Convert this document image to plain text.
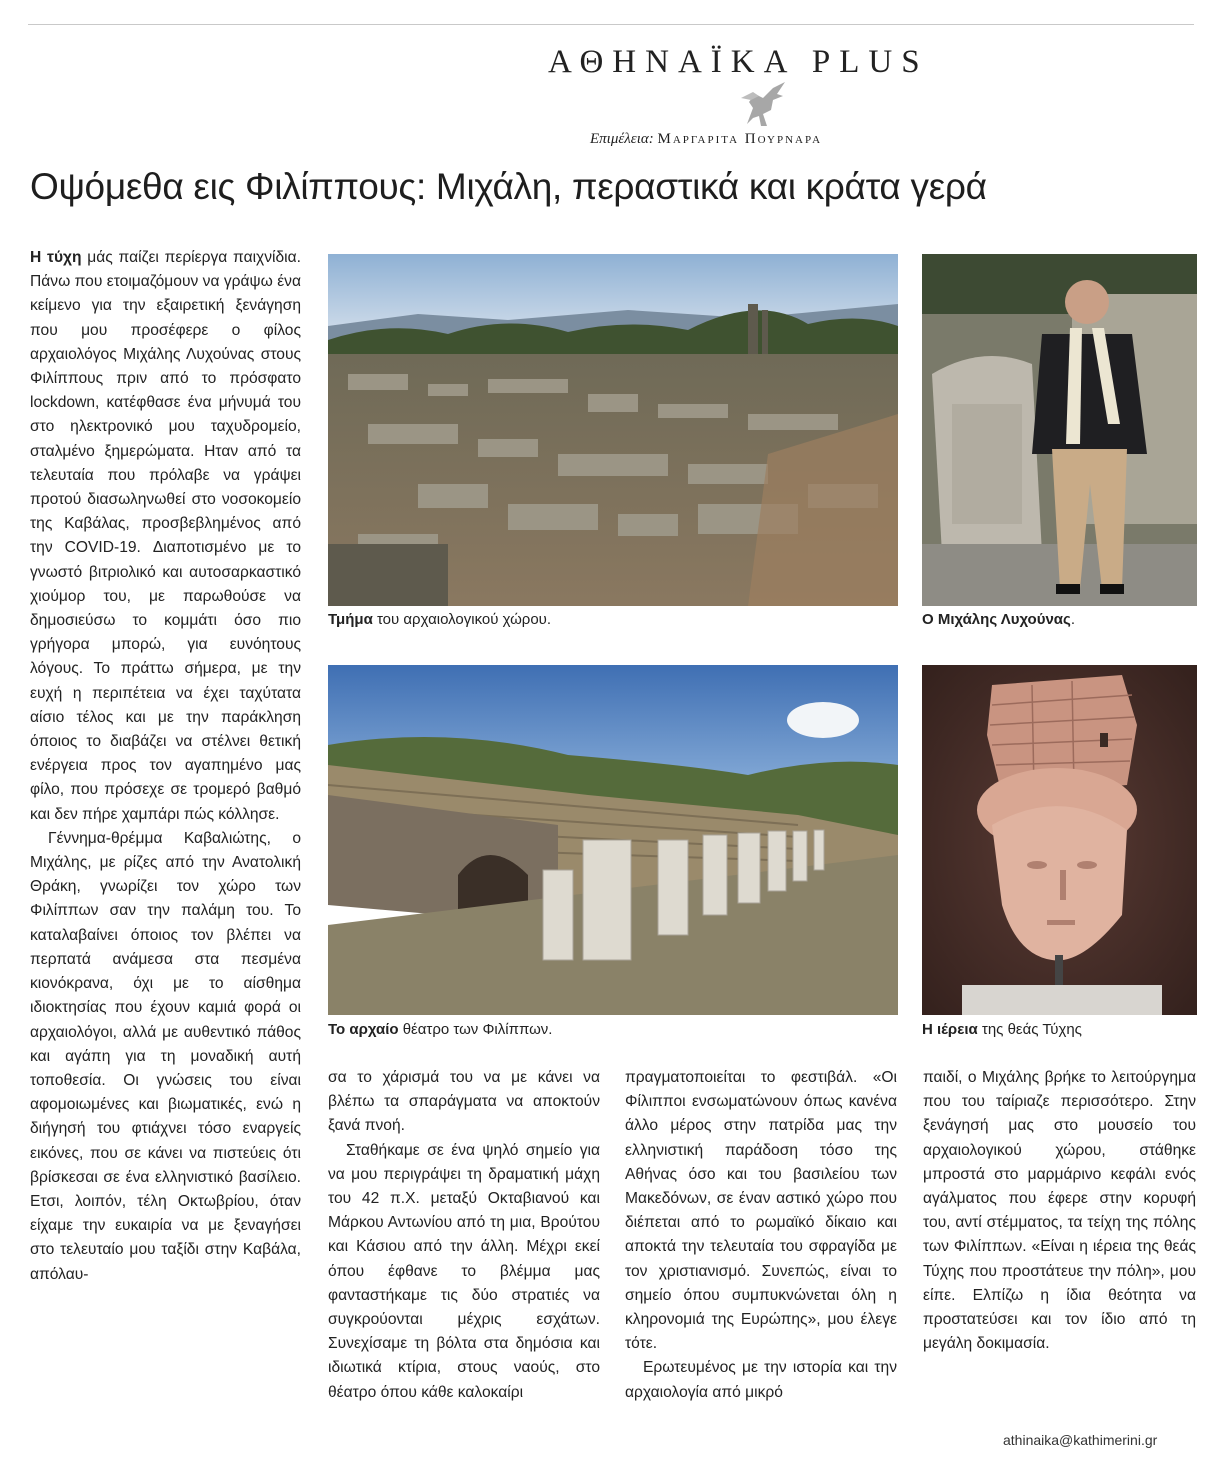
ΑΘΗΝΑΪΚΑ PLUS
Επιμέλεια: Μαργαριτα Πουρναρα
Οψόμεθα εις Φιλίππους: Μιχάλη, περαστικά και κράτα γερά

Η τύχη μάς παίζει περίεργα παιχνίδια. Πάνω που ετοιμαζόμουν να γράψω ένα κείμενο για την εξαιρετική ξενάγηση που μου προσέφερε ο φίλος αρχαιολόγος Μιχάλης Λυχούνας στους Φιλίππους πριν από το πρόσφατο lockdown, κατέφθασε ένα μήνυμά του στο ηλεκτρονικό μου ταχυδρομείο, σταλμένο ξημερώματα. Ηταν από τα τελευταία που πρόλαβε να γράψει προτού διασωληνωθεί στο νοσοκομείο της Καβάλας, προσβεβλημένος από την COVID-19. Διαποτισμένο με το γνωστό βιτριολικό και αυτοσαρκαστικό χιούμορ του, με παρωθούσε να δημοσιεύσω το κομμάτι όσο πιο γρήγορα μπορώ, για ευνόητους λόγους. Το πράττω σήμερα, με την ευχή η περιπέτεια να έχει ταχύτατα αίσιο τέλος και με την παράκληση όποιος το διαβάζει να στέλνει θετική ενέργεια προς τον αγαπημένο μας φίλο, που πρόσεχε σε τρομερό βαθμό και δεν πήρε χαμπάρι πώς κόλλησε.

Γέννημα-θρέμμα Καβαλιώτης, ο Μιχάλης, με ρίζες από την Ανατολική Θράκη, γνωρίζει τον χώρο των Φιλίππων σαν την παλάμη του. Το καταλαβαίνει όποιος τον βλέπει να περπατά ανάμεσα στα πεσμένα κιονόκρανα, όχι με το αίσθημα ιδιοκτησίας που έχουν καμιά φορά οι αρχαιολόγοι, αλλά με αυθεντικό πάθος και αγάπη για τη μοναδική αυτή τοποθεσία. Οι γνώσεις του είναι αφομοιωμένες και βιωματικές, ενώ η διήγησή του φτιάχνει τόσο εναργείς εικόνες, που σε κάνει να πιστεύεις ότι βρίσκεσαι σε ένα ελληνιστικό βασίλειο. Ετσι, λοιπόν, τέλη Οκτωβρίου, όταν είχαμε την ευκαιρία να με ξεναγήσει στο τελευταίο μου ταξίδι στην Καβάλα, απόλαυ-

Τμήμα του αρχαιολογικού χώρου.	Ο Μιχάλης Λυχούνας.
Το αρχαίο θέατρο των Φιλίππων.	Η ιέρεια της θεάς Τύχης

σα το χάρισμά του να με κάνει να βλέπω τα σπαράγματα να αποκτούν ξανά πνοή.

Σταθήκαμε σε ένα ψηλό σημείο για να μου περιγράψει τη δραματική μάχη του 42 π.Χ. μεταξύ Οκταβιανού και Μάρκου Αντωνίου από τη μια, Βρούτου και Κάσιου από την άλλη. Μέχρι εκεί όπου έφθανε το βλέμμα μας φανταστήκαμε τις δύο στρατιές να συγκρούονται μέχρις εσχάτων. Συνεχίσαμε τη βόλτα στα δημόσια και ιδιωτικά κτίρια, στους ναούς, στο θέατρο όπου κάθε καλοκαίρι

πραγματοποιείται το φεστιβάλ. «Οι Φίλιπποι ενσωματώνουν όπως κανένα άλλο μέρος στην πατρίδα μας την ελληνιστική παράδοση τόσο της Αθήνας όσο και του βασιλείου των Μακεδόνων, σε έναν αστικό χώρο που διέπεται από το ρωμαϊκό δίκαιο και αποκτά την τελευταία του σφραγίδα με τον χριστιανισμό. Συνεπώς, είναι το σημείο όπου συμπυκνώνεται όλη η κληρονομιά της Ευρώπης», μου έλεγε τότε.

Ερωτευμένος με την ιστορία και την αρχαιολογία από μικρό

παιδί, ο Μιχάλης βρήκε το λειτούργημα που του ταίριαζε περισσότερο. Στην ξενάγησή μας στο μουσείο του αρχαιολογικού χώρου, στάθηκε μπροστά στο μαρμάρινο κεφάλι ενός αγάλματος που έφερε στην κορυφή του, αντί στέμματος, τα τείχη της πόλης των Φιλίππων. «Είναι η ιέρεια της θεάς Τύχης που προστάτευε την πόλη», μου είπε. Ελπίζω η ίδια θεότητα να προστατεύσει και τον ίδιο από τη μεγάλη δοκιμασία.

athinaika@kathimerini.gr
